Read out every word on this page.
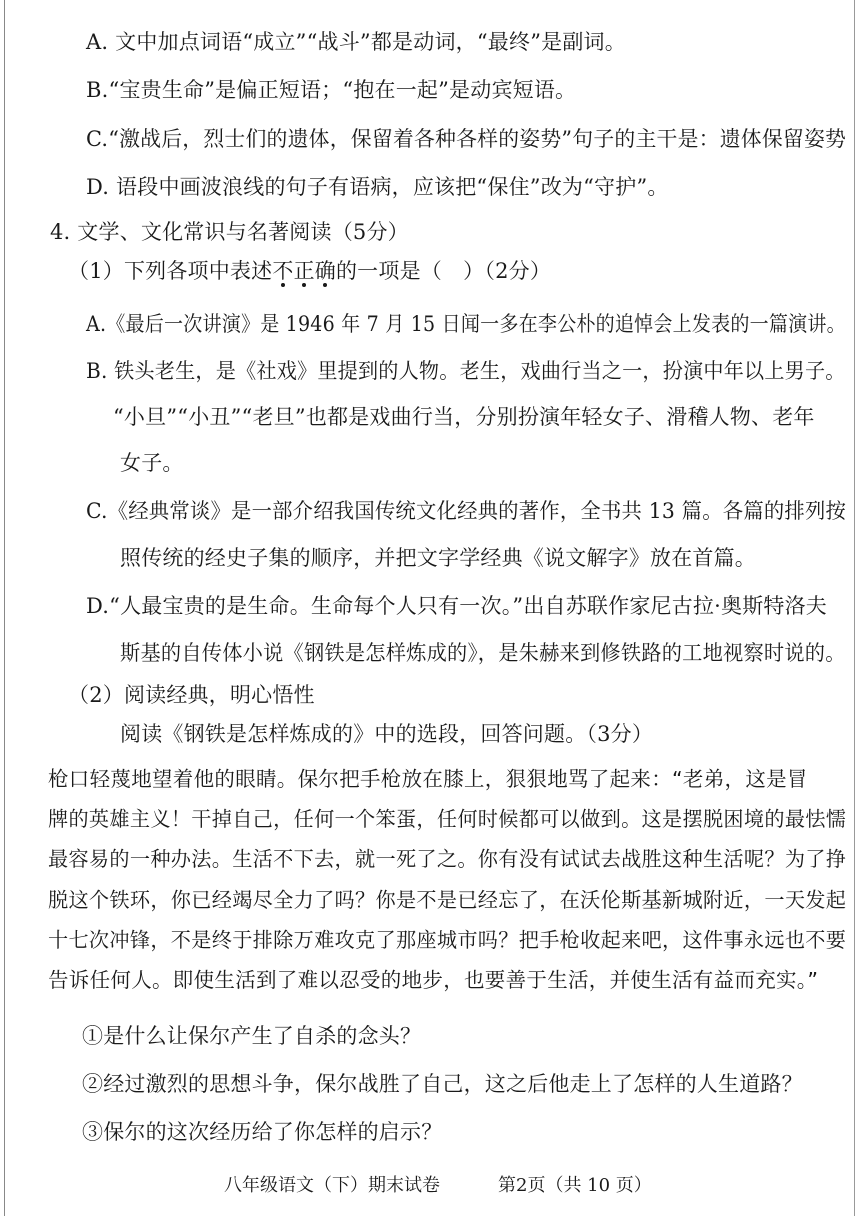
A. 文中加点词语“成立”“战斗”都是动词，“最终”是副词。
B.“宝贵生命”是偏正短语；“抱在一起”是动宾短语。
C.“激战后，烈士们的遗体，保留着各种各样的姿势”句子的主干是：遗体保留姿势
D. 语段中画波浪线的句子有语病，应该把“保住”改为“守护”。
4. 文学、文化常识与名著阅读（5分）
（1）下列各项中表述不正确
的一项是（　）（2分）
A.《最后一次讲演》是 1946 年 7 月 15 日闻一多在李公朴的追悼会上发表的一篇演讲。
B. 铁头老生，是《社戏》里提到的人物。老生，戏曲行当之一，扮演中年以上男子。
“小旦”“小丑”“老旦”也都是戏曲行当，分别扮演年轻女子、滑稽人物、老年
女子。
C.《经典常谈》是一部介绍我国传统文化经典的著作，全书共 13 篇。各篇的排列按
照传统的经史子集的顺序，并把文字学经典《说文解字》放在首篇。
D.“人最宝贵的是生命。生命每个人只有一次。”出自苏联作家尼古拉·奥斯特洛夫
斯基的自传体小说《钢铁是怎样炼成的》，是朱赫来到修铁路的工地视察时说的。
（2）阅读经典，明心悟性
阅读《钢铁是怎样炼成的》中的选段，回答问题。（3分）
枪口轻蔑地望着他的眼睛。保尔把手枪放在膝上，狠狠地骂了起来：“老弟，这是冒
牌的英雄主义！干掉自己，任何一个笨蛋，任何时候都可以做到。这是摆脱困境的最怯懦
最容易的一种办法。生活不下去，就一死了之。你有没有试试去战胜这种生活呢？为了挣
脱这个铁环，你已经竭尽全力了吗？你是不是已经忘了，在沃伦斯基新城附近，一天发起
十七次冲锋，不是终于排除万难攻克了那座城市吗？把手枪收起来吧，这件事永远也不要
告诉任何人。即使生活到了难以忍受的地步，也要善于生活，并使生活有益而充实。”
①是什么让保尔产生了自杀的念头？
②经过激烈的思想斗争，保尔战胜了自己，这之后他走上了怎样的人生道路？
③保尔的这次经历给了你怎样的启示？
八年级语文（下）期末试卷	第2页（共 10 页）
